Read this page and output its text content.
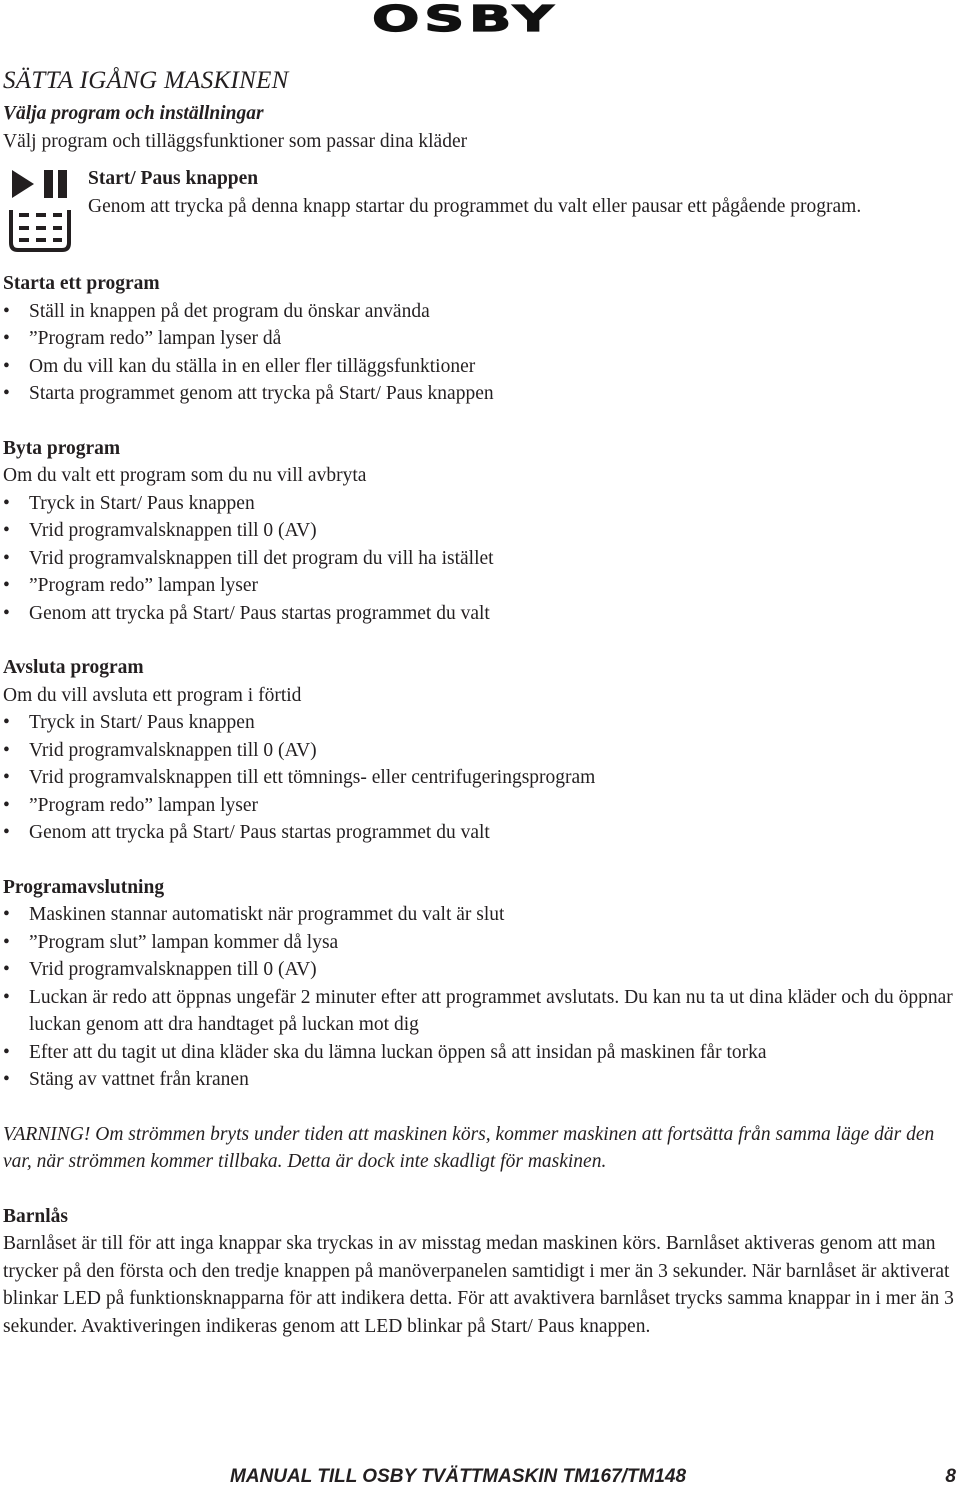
OSBY
SÄTTA IGÅNG MASKINEN

Välja program och inställningar

Välj program och tilläggsfunktioner som passar dina kläder

Start/ Paus knappen

Genom att trycka på denna knapp startar du programmet du valt eller pausar ett pågående program.

Starta ett program
• Ställ in knappen på det program du önskar använda
• ”Program redo” lampan lyser då
• Om du vill kan du ställa in en eller fler tilläggsfunktioner
• Starta programmet genom att trycka på Start/ Paus knappen
Byta program

Om du valt ett program som du nu vill avbryta

• Tryck in Start/ Paus knappen
• Vrid programvalsknappen till 0 (AV)
• Vrid programvalsknappen till det program du vill ha istället
• ”Program redo” lampan lyser
• Genom att trycka på Start/ Paus startas programmet du valt
Avsluta program

Om du vill avsluta ett program i förtid

• Tryck in Start/ Paus knappen
• Vrid programvalsknappen till 0 (AV)
• Vrid programvalsknappen till ett tömnings- eller centrifugeringsprogram
• ”Program redo” lampan lyser
• Genom att trycka på Start/ Paus startas programmet du valt
Programavslutning
• Maskinen stannar automatiskt när programmet du valt är slut
• ”Program slut” lampan kommer då lysa
• Vrid programvalsknappen till 0 (AV)
• Luckan är redo att öppnas ungefär 2 minuter efter att programmet avslutats. Du kan nu ta ut dina kläder och du öppnar luckan genom att dra handtaget på luckan mot dig
• Efter att du tagit ut dina kläder ska du lämna luckan öppen så att insidan på maskinen får torka
• Stäng av vattnet från kranen

VARNING! Om strömmen bryts under tiden att maskinen körs, kommer maskinen att fortsätta från samma läge där den var, när strömmen kommer tillbaka. Detta är dock inte skadligt för maskinen.

Barnlås

Barnlåset är till för att inga knappar ska tryckas in av misstag medan maskinen körs. Barnlåset aktiveras genom att man trycker på den första och den tredje knappen på manöverpanelen samtidigt i mer än 3 sekunder. När barnlåset är aktiverat blinkar LED på funktionsknapparna för att indikera detta. För att avaktivera barnlåset trycks samma knappar in i mer än 3 sekunder. Avaktiveringen indikeras genom att LED blinkar på Start/ Paus knappen.

MANUAL TILL OSBY TVÄTTMASKIN TM167/TM148	8
